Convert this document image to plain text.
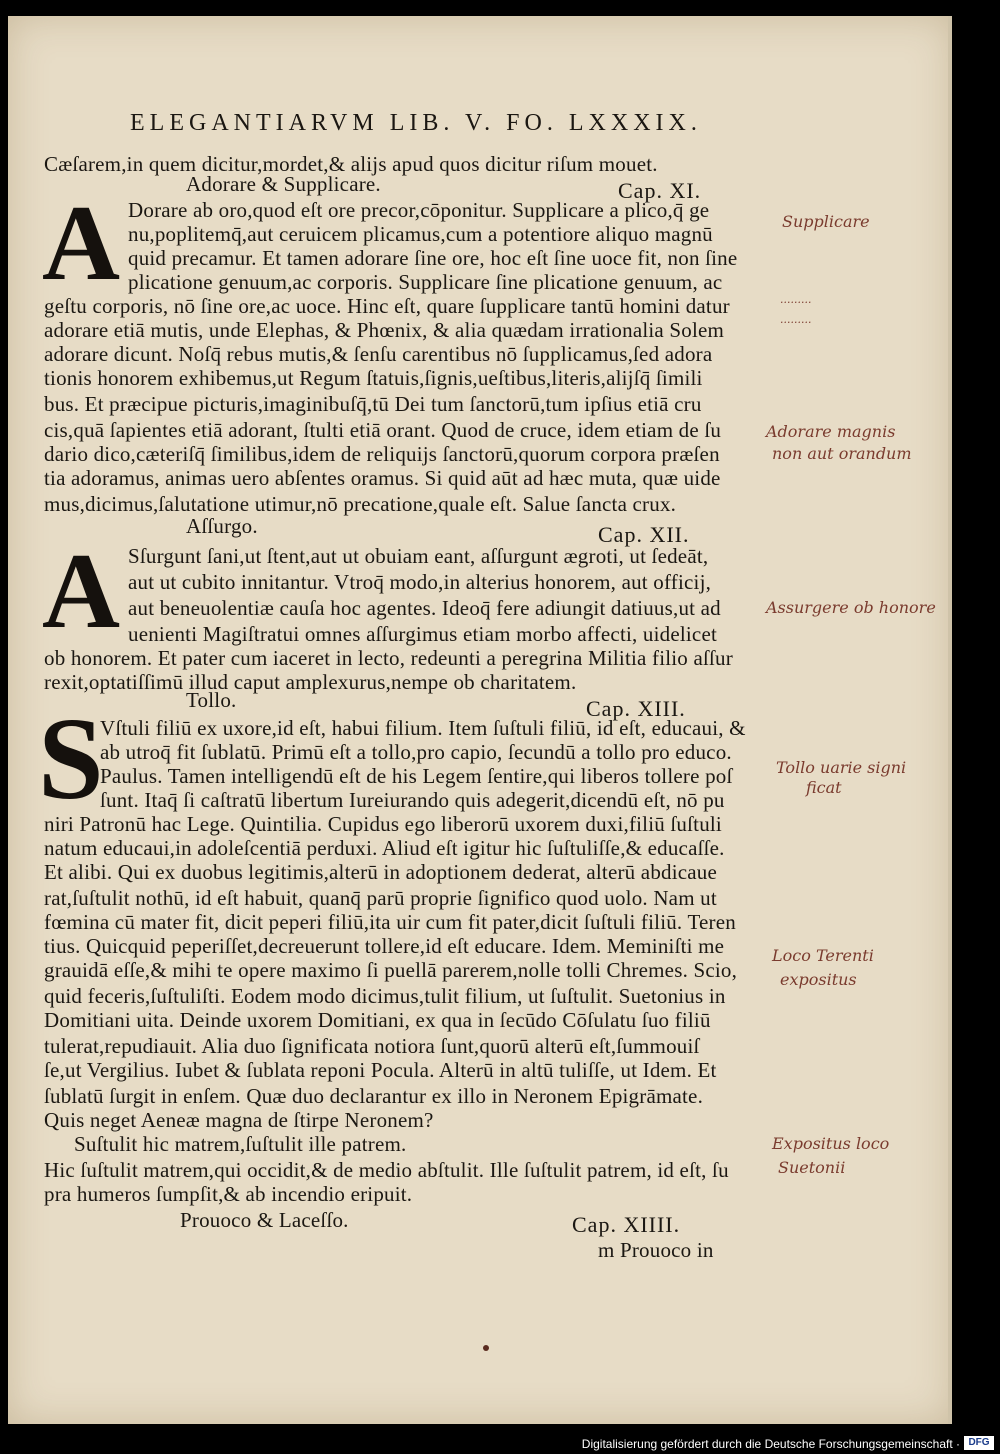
ELEGANTIARVM LIB. V. FO. LXXXIX.
A
A
S
Cæſarem,in quem dicitur,mordet,& alijs apud quos dicitur riſum mouet.
Adorare & Supplicare.	Cap. XI.
Dorare ab oro,quod eſt ore precor,cōponitur. Supplicare a plico,q̄ ge
nu,poplitemq̄,aut ceruicem plicamus,cum a potentiore aliquo magnū
quid precamur. Et tamen adorare ſine ore, hoc eſt ſine uoce fit, non ſine
plicatione genuum,ac corporis. Supplicare ſine plicatione genuum, ac
geſtu corporis, nō ſine ore,ac uoce. Hinc eſt, quare ſupplicare tantū homini datur
adorare etiā mutis, unde Elephas, & Phœnix, & alia quædam irrationalia Solem
adorare dicunt. Noſq̄ rebus mutis,& ſenſu carentibus nō ſupplicamus,ſed adora
tionis honorem exhibemus,ut Regum ſtatuis,ſignis,ueſtibus,literis,alijſq̄ ſimili
bus. Et præcipue picturis,imaginibuſq̄,tū Dei tum ſanctorū,tum ipſius etiā cru
cis,quā ſapientes etiā adorant, ſtulti etiā orant. Quod de cruce, idem etiam de ſu
dario dico,cæteriſq̄ ſimilibus,idem de reliquijs ſanctorū,quorum corpora præſen
tia adoramus, animas uero abſentes oramus. Si quid aūt ad hæc muta, quæ uide
mus,dicimus,ſalutatione utimur,nō precatione,quale eſt. Salue ſancta crux.
Aſſurgo.	Cap. XII.
Sſurgunt ſani,ut ſtent,aut ut obuiam eant, aſſurgunt ægroti, ut ſedeāt,
aut ut cubito innitantur. Vtroq̄ modo,in alterius honorem, aut officij,
aut beneuolentiæ cauſa hoc agentes. Ideoq̄ fere adiungit datiuus,ut ad
uenienti Magiſtratui omnes aſſurgimus etiam morbo affecti, uidelicet
ob honorem. Et pater cum iaceret in lecto, redeunti a peregrina Militia filio aſſur
rexit,optatiſſimū illud caput amplexurus,nempe ob charitatem.
Tollo.	Cap. XIII.
Vſtuli filiū ex uxore,id eſt, habui filium. Item ſuſtuli filiū, id eſt, educaui, &
ab utroq̄ fit ſublatū. Primū eſt a tollo,pro capio, ſecundū a tollo pro educo.
Paulus. Tamen intelligendū eſt de his Legem ſentire,qui liberos tollere poſ
ſunt. Itaq̄ ſi caſtratū libertum Iureiurando quis adegerit,dicendū eſt, nō pu
niri Patronū hac Lege. Quintilia. Cupidus ego liberorū uxorem duxi,filiū ſuſtuli
natum educaui,in adoleſcentiā perduxi. Aliud eſt igitur hic ſuſtuliſſe,& educaſſe.
Et alibi. Qui ex duobus legitimis,alterū in adoptionem dederat, alterū abdicaue
rat,ſuſtulit nothū, id eſt habuit, quanq̄ parū proprie ſignifico quod uolo. Nam ut
fœmina cū mater fit, dicit peperi filiū,ita uir cum fit pater,dicit ſuſtuli filiū. Teren
tius. Quicquid peperiſſet,decreuerunt tollere,id eſt educare. Idem. Meminiſti me
grauidā eſſe,& mihi te opere maximo ſi puellā parerem,nolle tolli Chremes. Scio,
quid feceris,ſuſtuliſti. Eodem modo dicimus,tulit filium, ut ſuſtulit. Suetonius in
Domitiani uita. Deinde uxorem Domitiani, ex qua in ſecūdo Cōſulatu ſuo filiū
tulerat,repudiauit. Alia duo ſignificata notiora ſunt,quorū alterū eſt,ſummouiſ
ſe,ut Vergilius. Iubet & ſublata reponi Pocula. Alterū in altū tuliſſe, ut Idem. Et
ſublatū ſurgit in enſem. Quæ duo declarantur ex illo in Neronem Epigrāmate.
Quis neget Aeneæ magna de ſtirpe Neronem?
Suſtulit hic matrem,ſuſtulit ille patrem.
Hic ſuſtulit matrem,qui occidit,& de medio abſtulit. Ille ſuſtulit patrem, id eſt, ſu
pra humeros ſumpſit,& ab incendio eripuit.
Prouoco & Laceſſo.	Cap. XIIII.
m Prouoco in
Supplicare
·········
·········
Adorare magnis
non aut orandum
Assurgere ob honore
Tollo uarie signi
ficat
Loco Terenti
expositus
Expositus loco
Suetonii
Digitalisierung gefördert durch die Deutsche Forschungsgemeinschaft · DFG
